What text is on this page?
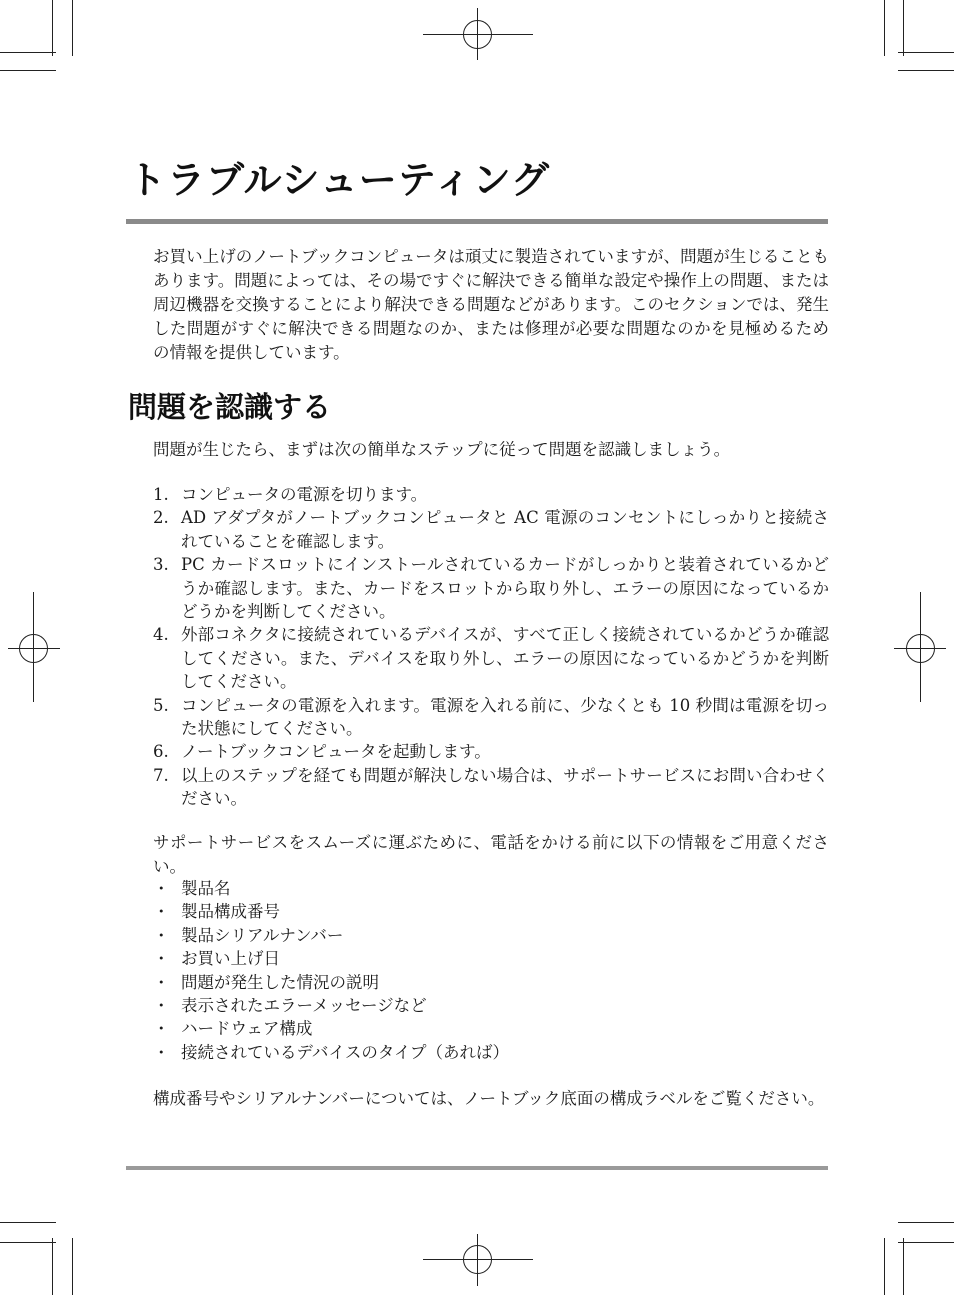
トラブルシューティング

お買い上げのノートブックコンピュータは頑丈に製造されていますが、問題が生じることもあります。問題によっては、その場ですぐに解決できる簡単な設定や操作上の問題、または周辺機器を交換することにより解決できる問題などがあります。このセクションでは、発生した問題がすぐに解決できる問題なのか、または修理が必要な問題なのかを見極めるための情報を提供しています。

問題を認識する

問題が生じたら、まずは次の簡単なステップに従って問題を認識しましょう。

1. コンピュータの電源を切ります。
2. AD アダプタがノートブックコンピュータと AC 電源のコンセントにしっかりと接続されていることを確認します。
3. PC カードスロットにインストールされているカードがしっかりと装着されているかどうか確認します。また、カードをスロットから取り外し、エラーの原因になっているかどうかを判断してください。
4. 外部コネクタに接続されているデバイスが、すべて正しく接続されているかどうか確認してください。また、デバイスを取り外し、エラーの原因になっているかどうかを判断してください。
5. コンピュータの電源を入れます。電源を入れる前に、少なくとも 10 秒間は電源を切った状態にしてください。
6. ノートブックコンピュータを起動します。
7. 以上のステップを経ても問題が解決しない場合は、サポートサービスにお問い合わせください。

サポートサービスをスムーズに運ぶために、電話をかける前に以下の情報をご用意ください。

・ 製品名
・ 製品構成番号
・ 製品シリアルナンバー
・ お買い上げ日
・ 問題が発生した情況の説明
・ 表示されたエラーメッセージなど
・ ハードウェア構成
・ 接続されているデバイスのタイプ（あれば）

構成番号やシリアルナンバーについては、ノートブック底面の構成ラベルをご覧ください。
